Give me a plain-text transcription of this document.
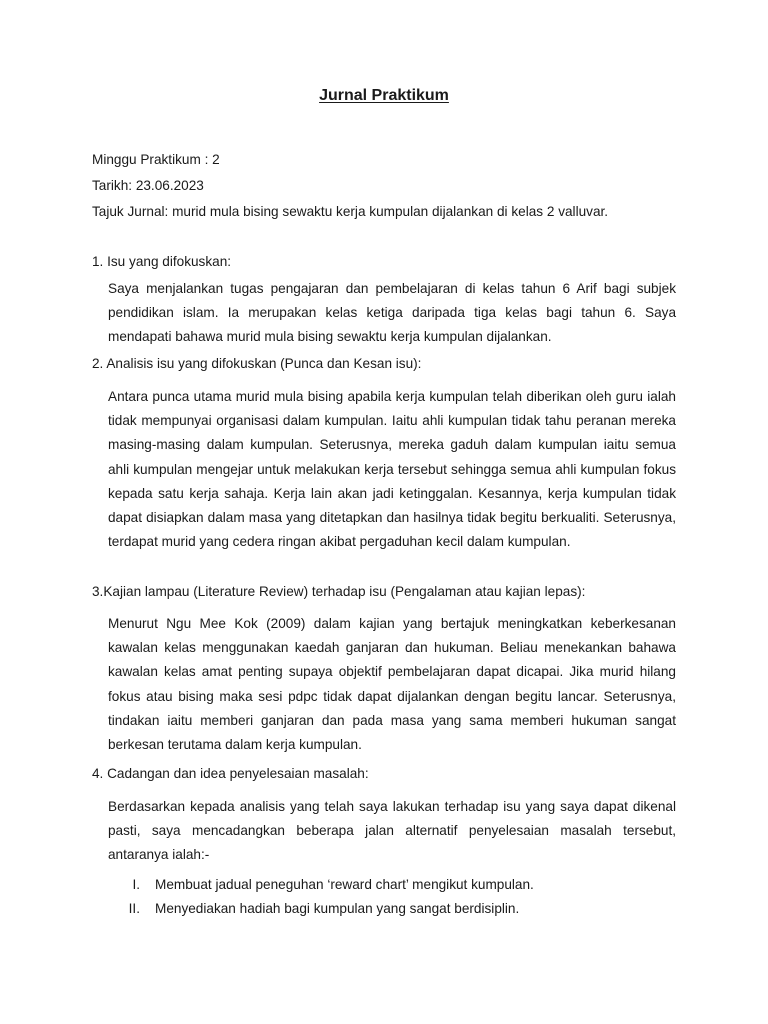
Jurnal Praktikum

Minggu Praktikum : 2

Tarikh: 23.06.2023

Tajuk Jurnal: murid mula bising sewaktu kerja kumpulan dijalankan di kelas 2 valluvar.

1. Isu yang difokuskan:

Saya menjalankan tugas pengajaran dan pembelajaran di kelas tahun 6 Arif bagi subjek pendidikan islam. Ia merupakan kelas ketiga daripada tiga kelas bagi tahun 6. Saya mendapati bahawa murid mula bising sewaktu kerja kumpulan dijalankan.

2. Analisis isu yang difokuskan (Punca dan Kesan isu):

Antara punca utama murid mula bising apabila kerja kumpulan telah diberikan oleh guru ialah tidak mempunyai organisasi dalam kumpulan. Iaitu ahli kumpulan tidak tahu peranan mereka masing-masing dalam kumpulan. Seterusnya, mereka gaduh dalam kumpulan iaitu semua ahli kumpulan mengejar untuk melakukan kerja tersebut sehingga semua ahli kumpulan fokus kepada satu kerja sahaja. Kerja lain akan jadi ketinggalan. Kesannya, kerja kumpulan tidak dapat disiapkan dalam masa yang ditetapkan dan hasilnya tidak begitu berkualiti. Seterusnya, terdapat murid yang cedera ringan akibat pergaduhan kecil dalam kumpulan.

3.Kajian lampau (Literature Review) terhadap isu (Pengalaman atau kajian lepas):

Menurut Ngu Mee Kok (2009) dalam kajian yang bertajuk meningkatkan keberkesanan kawalan kelas menggunakan kaedah ganjaran dan hukuman. Beliau menekankan bahawa kawalan kelas amat penting supaya objektif pembelajaran dapat dicapai. Jika murid hilang fokus atau bising maka sesi pdpc tidak dapat dijalankan dengan begitu lancar. Seterusnya, tindakan iaitu memberi ganjaran dan pada masa yang sama memberi hukuman sangat berkesan terutama dalam kerja kumpulan.

4. Cadangan dan idea penyelesaian masalah:

Berdasarkan kepada analisis yang telah saya lakukan terhadap isu yang saya dapat dikenal pasti, saya mencadangkan beberapa jalan alternatif penyelesaian masalah tersebut, antaranya ialah:-

I. Membuat jadual peneguhan ‘reward chart’ mengikut kumpulan.
II. Menyediakan hadiah bagi kumpulan yang sangat berdisiplin.
